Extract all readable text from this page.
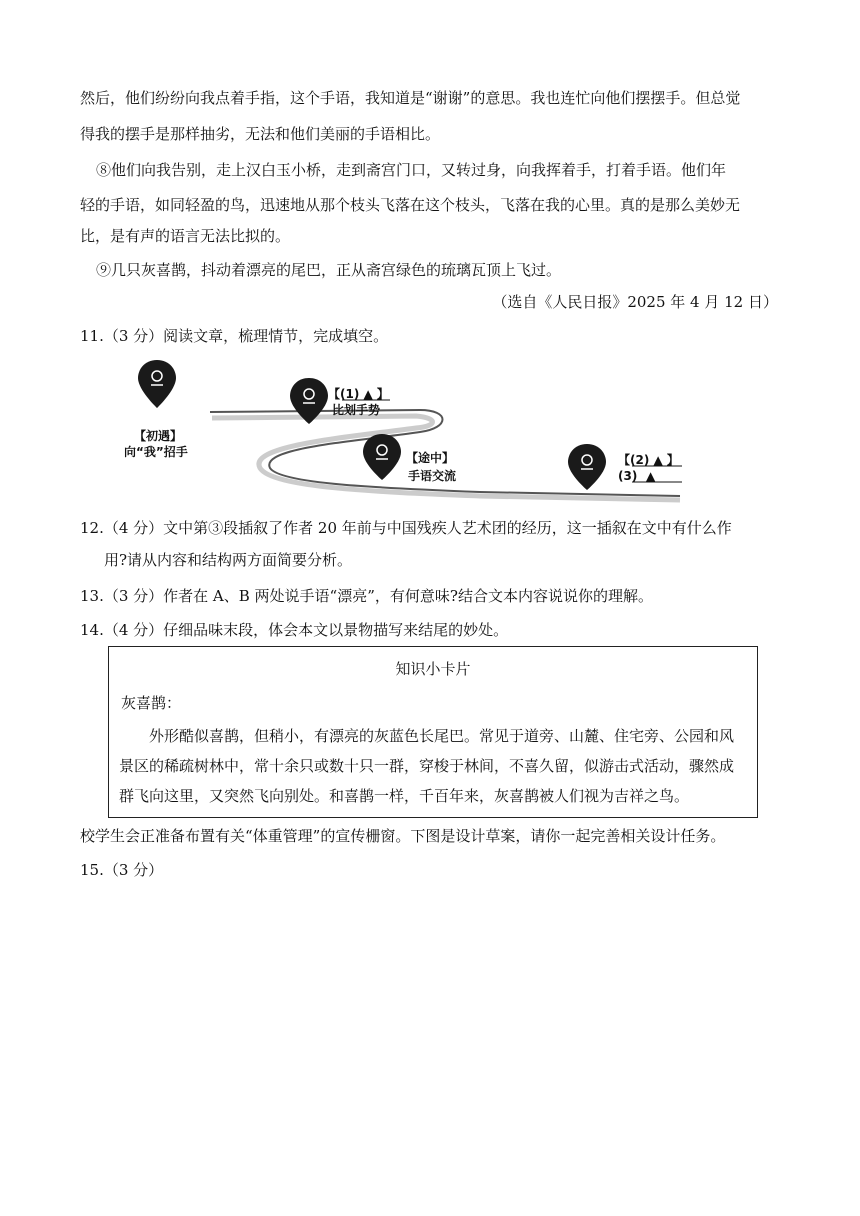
然后，他们纷纷向我点着手指，这个手语，我知道是“谢谢”的意思。我也连忙向他们摆摆手。但总觉
得我的摆手是那样抽劣，无法和他们美丽的手语相比。
⑧他们向我告别，走上汉白玉小桥，走到斋宫门口，又转过身，向我挥着手，打着手语。他们年
轻的手语，如同轻盈的鸟，迅速地从那个枝头飞落在这个枝头，飞落在我的心里。真的是那么美妙无
比，是有声的语言无法比拟的。
⑨几只灰喜鹊，抖动着漂亮的尾巴，正从斋宫绿色的琉璃瓦顶上飞过。
（选自《人民日报》2025 年 4 月 12 日）
11.（3 分）阅读文章，梳理情节，完成填空。
【初遇】
向“我”招手
【(1) ▲ 】
比划手势
【途中】
手语交流
【(2) ▲ 】
(3) ▲
12.（4 分）文中第③段插叙了作者 20 年前与中国残疾人艺术团的经历，这一插叙在文中有什么作
用?请从内容和结构两方面简要分析。
13.（3 分）作者在 A、B 两处说手语“漂亮”，有何意味?结合文本内容说说你的理解。
14.（4 分）仔细品味末段，体会本文以景物描写来结尾的妙处。
知识小卡片
灰喜鹊：
　　外形酷似喜鹊，但稍小，有漂亮的灰蓝色长尾巴。常见于道旁、山麓、住宅旁、公园和风
景区的稀疏树林中，常十余只或数十只一群，穿梭于林间，不喜久留，似游击式活动，骤然成
群飞向这里，又突然飞向别处。和喜鹊一样，千百年来，灰喜鹊被人们视为吉祥之鸟。
校学生会正准备布置有关“体重管理”的宣传栅窗。下图是设计草案，请你一起完善相关设计任务。
15.（3 分）
